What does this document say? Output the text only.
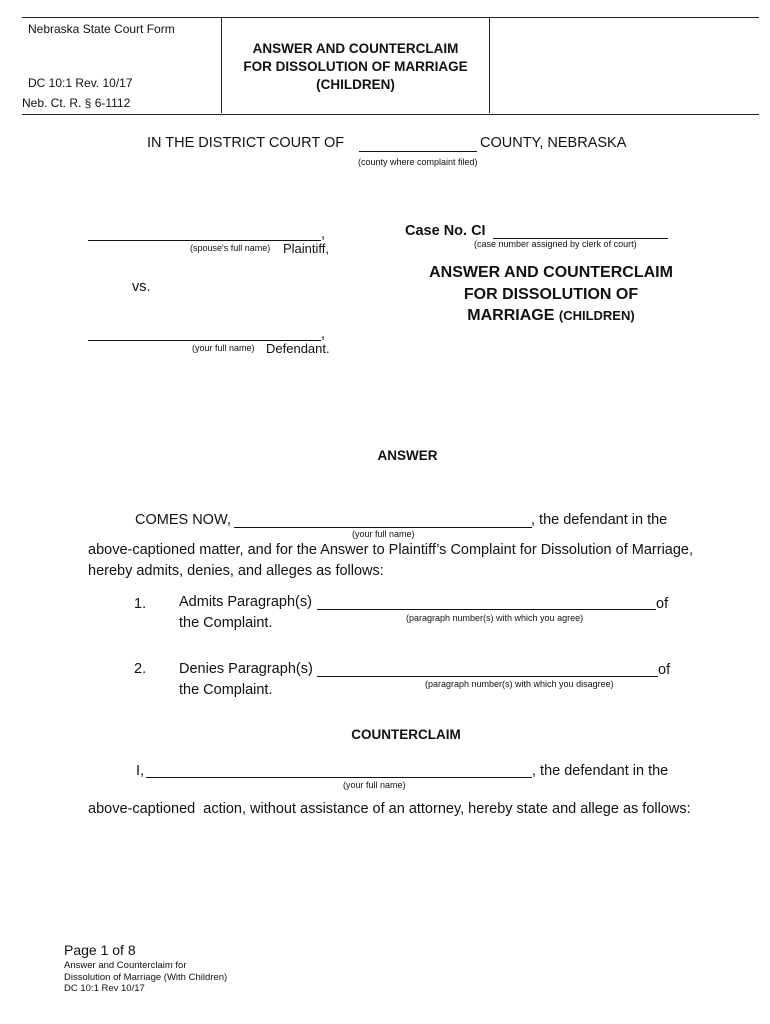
Nebraska State Court Form
DC 10:1 Rev. 10/17
Neb. Ct. R. § 6-1112
ANSWER AND COUNTERCLAIM
FOR DISSOLUTION OF MARRIAGE
(CHILDREN)
IN THE DISTRICT COURT OF	COUNTY, NEBRASKA
(county where complaint filed)
,
(spouse's full name) Plaintiff,
vs.
,
(your full name) Defendant.
Case No. CI
(case number assigned by clerk of court)
ANSWER AND COUNTERCLAIM
FOR DISSOLUTION OF
MARRIAGE (CHILDREN)
ANSWER
COMES NOW,	, the defendant in the
(your full name)
above-captioned matter, and for the Answer to Plaintiff’s Complaint for Dissolution of Marriage,
hereby admits, denies, and alleges as follows:
1. Admits Paragraph(s)	of
the Complaint.	(paragraph number(s) with which you agree)
2. Denies Paragraph(s)	of
the Complaint.	(paragraph number(s) with which you disagree)
COUNTERCLAIM
I,	, the defendant in the
(your full name)
above-captioned  action, without assistance of an attorney, hereby state and allege as follows:
Page 1 of 8
Answer and Counterclaim for
Dissolution of Marriage (With Children)
DC 10:1 Rev 10/17
